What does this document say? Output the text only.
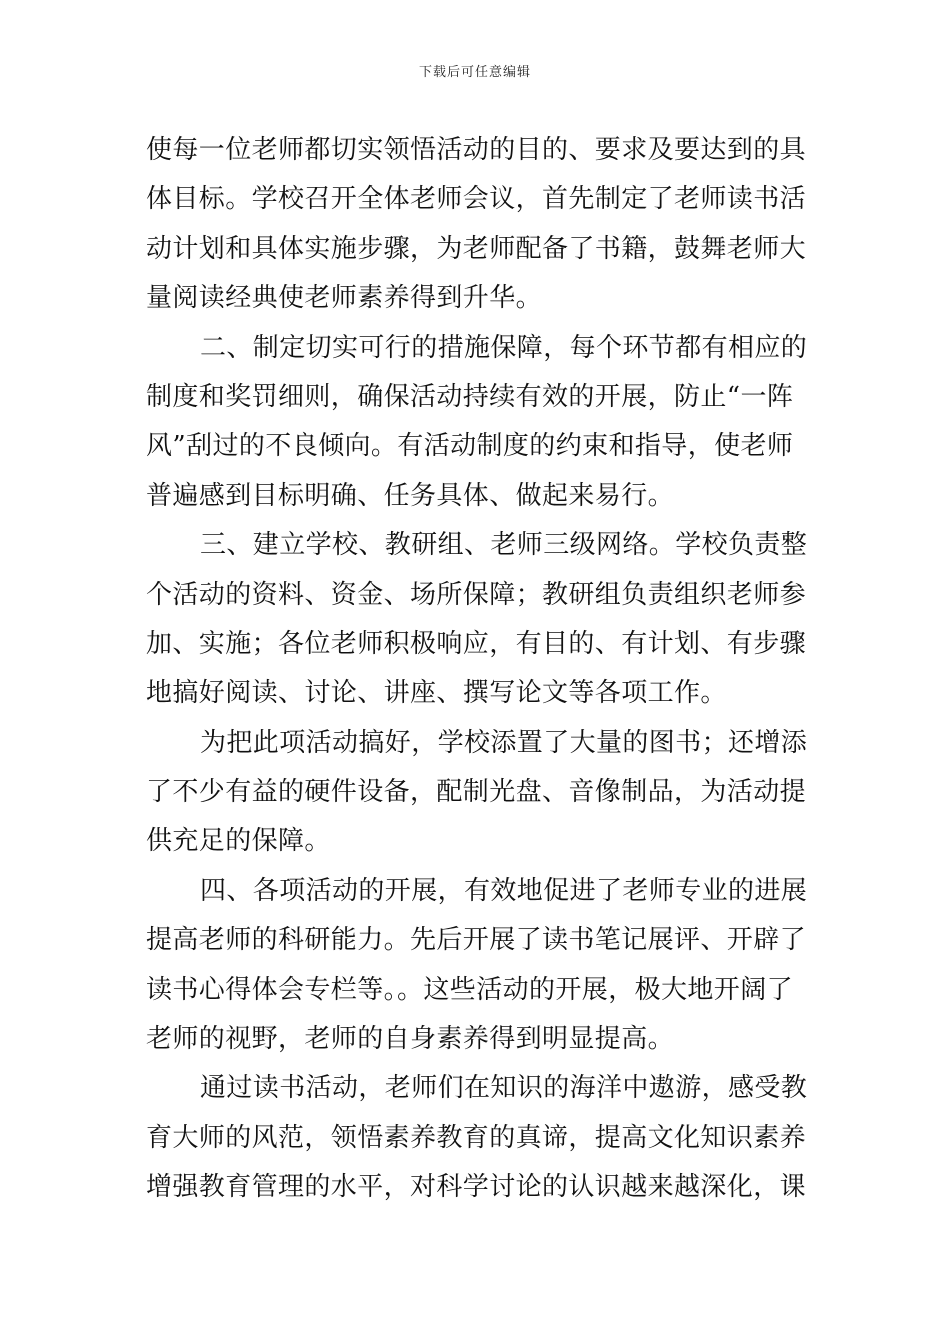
下载后可任意编辑
使每一位老师都切实领悟活动的目的、要求及要达到的具
体目标。学校召开全体老师会议，首先制定了老师读书活
动计划和具体实施步骤，为老师配备了书籍，鼓舞老师大
量阅读经典使老师素养得到升华。
二、制定切实可行的措施保障，每个环节都有相应的
制度和奖罚细则，确保活动持续有效的开展，防止“一阵
风”刮过的不良倾向。有活动制度的约束和指导，使老师
普遍感到目标明确、任务具体、做起来易行。
三、建立学校、教研组、老师三级网络。学校负责整
个活动的资料、资金、场所保障；教研组负责组织老师参
加、实施；各位老师积极响应，有目的、有计划、有步骤
地搞好阅读、讨论、讲座、撰写论文等各项工作。
为把此项活动搞好，学校添置了大量的图书；还增添
了不少有益的硬件设备，配制光盘、音像制品，为活动提
供充足的保障。
四、各项活动的开展，有效地促进了老师专业的进展
提高老师的科研能力。先后开展了读书笔记展评、开辟了
读书心得体会专栏等。。这些活动的开展，极大地开阔了
老师的视野，老师的自身素养得到明显提高。
通过读书活动，老师们在知识的海洋中遨游，感受教
育大师的风范，领悟素养教育的真谛，提高文化知识素养
增强教育管理的水平，对科学讨论的认识越来越深化，课
